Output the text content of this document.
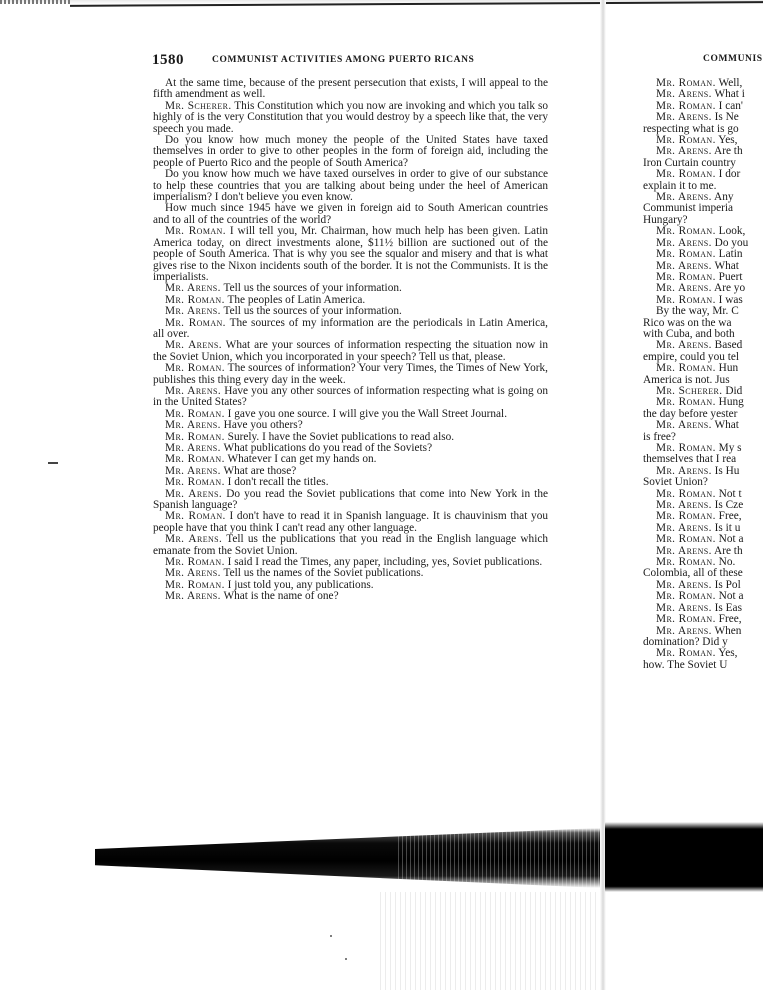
1580	COMMUNIST ACTIVITIES AMONG PUERTO RICANS	COMMUNIS

At the same time, because of the present persecution that exists, I will appeal to the fifth amendment as well.

Mr. Scherer. This Constitution which you now are invoking and which you talk so highly of is the very Constitution that you would destroy by a speech like that, the very speech you made.

Do you know how much money the people of the United States have taxed themselves in order to give to other peoples in the form of foreign aid, including the people of Puerto Rico and the people of South America?

Do you know how much we have taxed ourselves in order to give of our substance to help these countries that you are talking about being under the heel of American imperialism? I don't believe you even know.

How much since 1945 have we given in foreign aid to South American countries and to all of the countries of the world?

Mr. Roman. I will tell you, Mr. Chairman, how much help has been given. Latin America today, on direct investments alone, $11½ billion are suctioned out of the people of South America. That is why you see the squalor and misery and that is what gives rise to the Nixon incidents south of the border. It is not the Communists. It is the imperialists.

Mr. Arens. Tell us the sources of your information.

Mr. Roman. The peoples of Latin America.

Mr. Arens. Tell us the sources of your information.

Mr. Roman. The sources of my information are the periodicals in Latin America, all over.

Mr. Arens. What are your sources of information respecting the situation now in the Soviet Union, which you incorporated in your speech? Tell us that, please.

Mr. Roman. The sources of information? Your very Times, the Times of New York, publishes this thing every day in the week.

Mr. Arens. Have you any other sources of information respecting what is going on in the United States?

Mr. Roman. I gave you one source. I will give you the Wall Street Journal.

Mr. Arens. Have you others?

Mr. Roman. Surely. I have the Soviet publications to read also.

Mr. Arens. What publications do you read of the Soviets?

Mr. Roman. Whatever I can get my hands on.

Mr. Arens. What are those?

Mr. Roman. I don't recall the titles.

Mr. Arens. Do you read the Soviet publications that come into New York in the Spanish language?

Mr. Roman. I don't have to read it in Spanish language. It is chauvinism that you people have that you think I can't read any other language.

Mr. Arens. Tell us the publications that you read in the English language which emanate from the Soviet Union.

Mr. Roman. I said I read the Times, any paper, including, yes, Soviet publications.

Mr. Arens. Tell us the names of the Soviet publications.

Mr. Roman. I just told you, any publications.

Mr. Arens. What is the name of one?

Mr. Roman. Well,
Mr. Arens. What i
Mr. Roman. I can'
Mr. Arens. Is Ne
respecting what is go
Mr. Roman. Yes,
Mr. Arens. Are th
Iron Curtain country
Mr. Roman. I dor
explain it to me.
Mr. Arens. Any
Communist imperia
Hungary?
Mr. Roman. Look,
Mr. Arens. Do you
Mr. Roman. Latin
Mr. Arens. What
Mr. Roman. Puert
Mr. Arens. Are yo
Mr. Roman. I was
By the way, Mr. C
Rico was on the wa
with Cuba, and both
Mr. Arens. Based
empire, could you tel
Mr. Roman. Hun
America is not. Jus
Mr. Scherer. Did
Mr. Roman. Hung
the day before yester
Mr. Arens. What
is free?
Mr. Roman. My s
themselves that I rea
Mr. Arens. Is Hu
Soviet Union?
Mr. Roman. Not t
Mr. Arens. Is Cze
Mr. Roman. Free,
Mr. Arens. Is it u
Mr. Roman. Not a
Mr. Arens. Are th
Mr. Roman. No.
Colombia, all of these
Mr. Arens. Is Pol
Mr. Roman. Not a
Mr. Arens. Is Eas
Mr. Roman. Free,
Mr. Arens. When
domination? Did y
Mr. Roman. Yes,
how. The Soviet U
